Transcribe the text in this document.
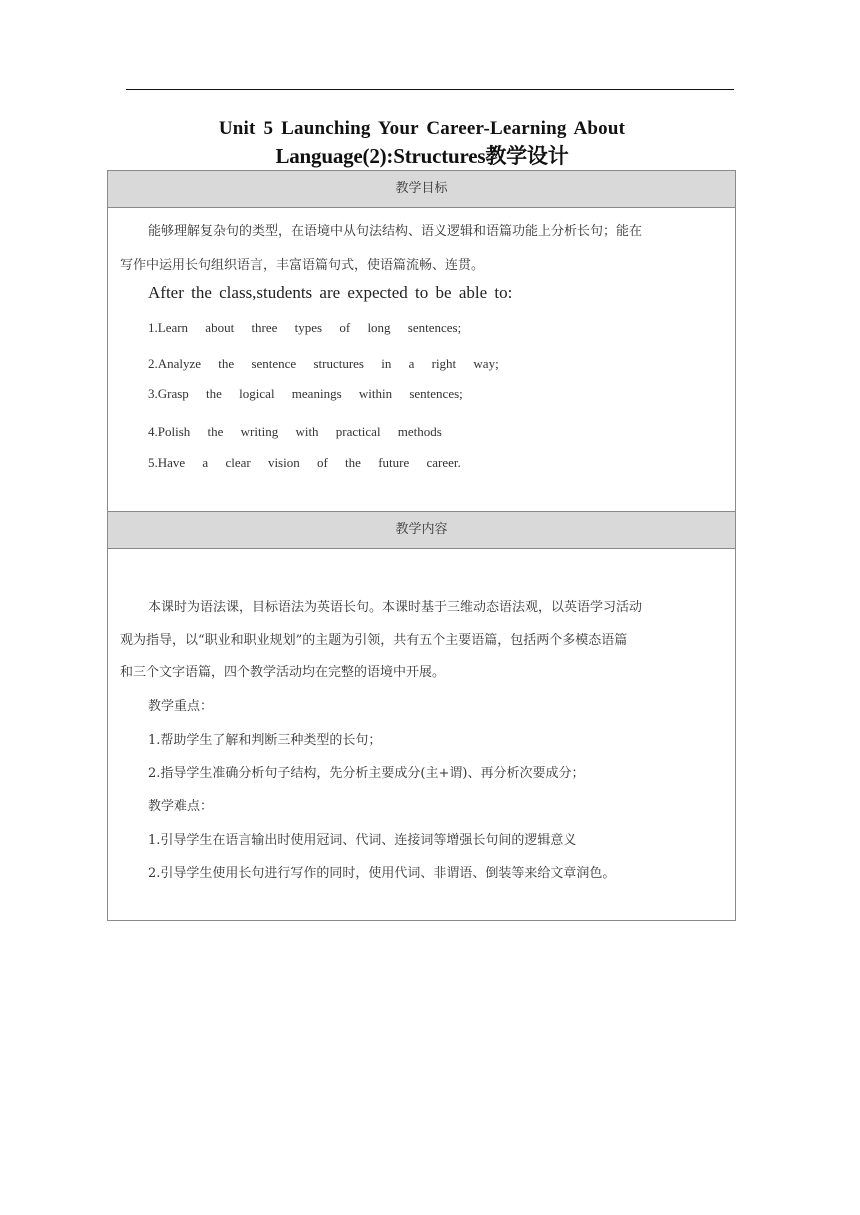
Unit 5 Launching Your Career-Learning About
Language(2):Structures教学设计
教学目标
能够理解复杂句的类型，在语境中从句法结构、语义逻辑和语篇功能上分析长句；能在
写作中运用长句组织语言，丰富语篇句式，使语篇流畅、连贯。
After the class,students are expected to be able to:
1.Learn about three types of long sentences;
2.Analyze the sentence structures in a right way;
3.Grasp the logical meanings within sentences;
4.Polish the writing with practical methods
5.Have a clear vision of the future career.
教学内容
本课时为语法课，目标语法为英语长句。本课时基于三维动态语法观，以英语学习活动
观为指导，以“职业和职业规划”的主题为引领，共有五个主要语篇，包括两个多模态语篇
和三个文字语篇，四个教学活动均在完整的语境中开展。
教学重点：
1.帮助学生了解和判断三种类型的长句；
2.指导学生准确分析句子结构，先分析主要成分(主+谓)、再分析次要成分；
教学难点：
1.引导学生在语言输出时使用冠词、代词、连接词等增强长句间的逻辑意义
2.引导学生使用长句进行写作的同时，使用代词、非谓语、倒装等来给文章润色。
